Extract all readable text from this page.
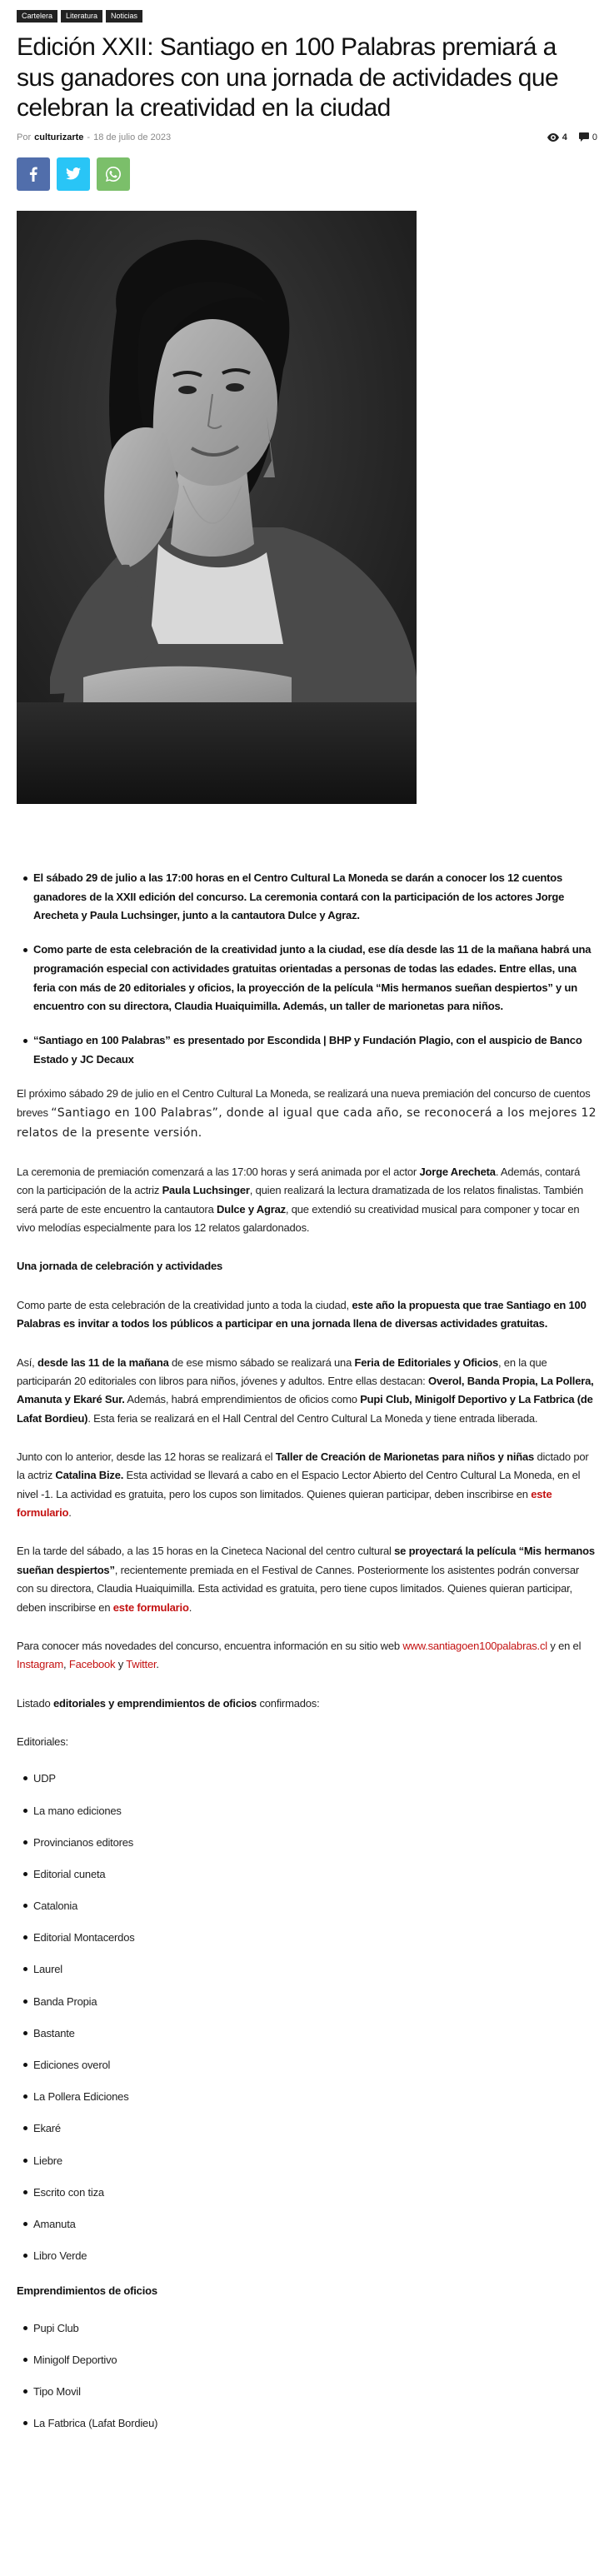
Cartelera	Literatura	Noticias
Edición XXII: Santiago en 100 Palabras premiará a sus ganadores con una jornada de actividades que celebran la creatividad en la ciudad
Por culturizarte - 18 de julio de 2023	4	0
El sábado 29 de julio a las 17:00 horas en el Centro Cultural La Moneda se darán a conocer los 12 cuentos ganadores de la XXII edición del concurso. La ceremonia contará con la participación de los actores Jorge Arecheta y Paula Luchsinger, junto a la cantautora Dulce y Agraz.
Como parte de esta celebración de la creatividad junto a la ciudad, ese día desde las 11 de la mañana habrá una programación especial con actividades gratuitas orientadas a personas de todas las edades. Entre ellas, una feria con más de 20 editoriales y oficios, la proyección de la película “Mis hermanos sueñan despiertos” y un encuentro con su directora, Claudia Huaiquimilla. Además, un taller de marionetas para niños.
“Santiago en 100 Palabras” es presentado por Escondida | BHP y Fundación Plagio, con el auspicio de Banco Estado y JC Decaux

El próximo sábado 29 de julio en el Centro Cultural La Moneda, se realizará una nueva premiación del concurso de cuentos breves “Santiago en 100 Palabras”, donde al igual que cada año, se reconocerá a los mejores 12 relatos de la presente versión.

La ceremonia de premiación comenzará a las 17:00 horas y será animada por el actor Jorge Arecheta. Además, contará con la participación de la actriz Paula Luchsinger, quien realizará la lectura dramatizada de los relatos finalistas. También será parte de este encuentro la cantautora Dulce y Agraz, que extendió su creatividad musical para componer y tocar en vivo melodías especialmente para los 12 relatos galardonados.

Una jornada de celebración y actividades

Como parte de esta celebración de la creatividad junto a toda la ciudad, este año la propuesta que trae Santiago en 100 Palabras es invitar a todos los públicos a participar en una jornada llena de diversas actividades gratuitas.

Así, desde las 11 de la mañana de ese mismo sábado se realizará una Feria de Editoriales y Oficios, en la que participarán 20 editoriales con libros para niños, jóvenes y adultos. Entre ellas destacan: Overol, Banda Propia, La Pollera, Amanuta y Ekaré Sur. Además, habrá emprendimientos de oficios como Pupi Club, Minigolf Deportivo y La Fatbrica (de Lafat Bordieu). Esta feria se realizará en el Hall Central del Centro Cultural La Moneda y tiene entrada liberada.

Junto con lo anterior, desde las 12 horas se realizará el Taller de Creación de Marionetas para niños y niñas dictado por la actriz Catalina Bize. Esta actividad se llevará a cabo en el Espacio Lector Abierto del Centro Cultural La Moneda, en el nivel -1. La actividad es gratuita, pero los cupos son limitados. Quienes quieran participar, deben inscribirse en este formulario.

En la tarde del sábado, a las 15 horas en la Cineteca Nacional del centro cultural se proyectará la película “Mis hermanos sueñan despiertos”, recientemente premiada en el Festival de Cannes. Posteriormente los asistentes podrán conversar con su directora, Claudia Huaiquimilla. Esta actividad es gratuita, pero tiene cupos limitados. Quienes quieran participar, deben inscribirse en este formulario.

Para conocer más novedades del concurso, encuentra información en su sitio web www.santiagoen100palabras.cl y en el Instagram, Facebook y Twitter.

Listado editoriales y emprendimientos de oficios confirmados:

Editoriales:

UDP
La mano ediciones
Provincianos editores
Editorial cuneta
Catalonia
Editorial Montacerdos
Laurel
Banda Propia
Bastante
Ediciones overol
La Pollera Ediciones
Ekaré
Liebre
Escrito con tiza
Amanuta
Libro Verde

Emprendimientos de oficios

Pupi Club
Minigolf Deportivo
Tipo Movil
La Fatbrica (Lafat Bordieu)
